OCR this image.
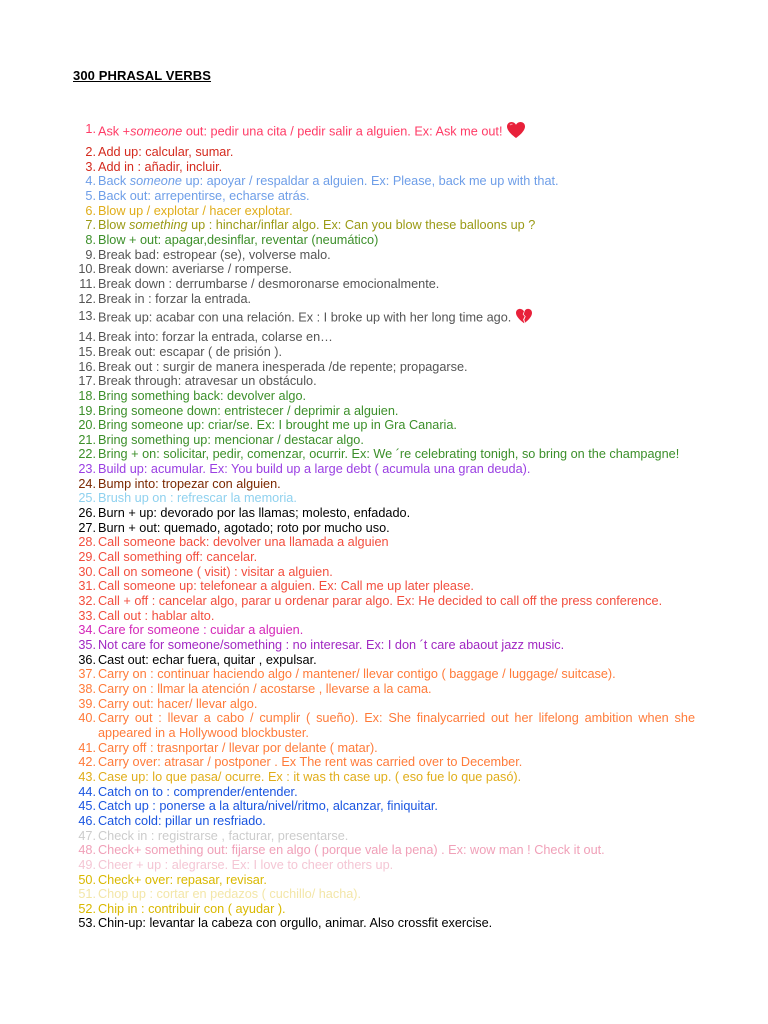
300 PHRASAL VERBS
1. Ask +someone out: pedir una cita / pedir salir a alguien. Ex: Ask me out!
2. Add up: calcular, sumar.
3. Add in : añadir, incluir.
4. Back someone up: apoyar / respaldar a alguien. Ex: Please, back me up with that.
5. Back out: arrepentirse, echarse atrás.
6. Blow up / explotar / hacer explotar.
7. Blow something up : hinchar/inflar algo. Ex: Can you blow these balloons up ?
8. Blow + out: apagar,desinflar, reventar (neumático)
9. Break bad: estropear (se), volverse malo.
10. Break down: averiarse / romperse.
11. Break down : derrumbarse / desmoronarse emocionalmente.
12. Break in : forzar la entrada.
13. Break up: acabar con una relación. Ex : I broke up with her long time ago.
14. Break into: forzar la entrada, colarse en…
15. Break out: escapar ( de prisión ).
16. Break out : surgir de manera inesperada /de repente; propagarse.
17. Break through: atravesar un obstáculo.
18. Bring something back: devolver algo.
19. Bring someone down: entristecer / deprimir a alguien.
20. Bring someone up: criar/se. Ex: I brought me up in Gra Canaria.
21. Bring something up: mencionar / destacar algo.
22. Bring + on: solicitar, pedir, comenzar, ocurrir. Ex: We ´re celebrating tonigh, so bring on the champagne!
23. Build up: acumular. Ex: You build up a large debt ( acumula una gran deuda).
24. Bump into: tropezar con alguien.
25. Brush up on : refrescar la memoria.
26. Burn + up: devorado por las llamas; molesto, enfadado.
27. Burn + out: quemado, agotado; roto por mucho uso.
28. Call someone back: devolver una llamada a alguien
29. Call something off: cancelar.
30. Call on someone ( visit) : visitar a alguien.
31. Call someone up: telefonear a alguien. Ex: Call me up later please.
32. Call + off : cancelar algo, parar u ordenar parar algo. Ex: He decided to call off the press conference.
33. Call out : hablar alto.
34. Care for someone : cuidar a alguien.
35. Not care for someone/something : no interesar. Ex: I don ´t care abaout jazz music.
36. Cast out: echar fuera, quitar , expulsar.
37. Carry on : continuar haciendo algo / mantener/ llevar contigo ( baggage / luggage/ suitcase).
38. Carry on : llmar la atención / acostarse , llevarse a la cama.
39. Carry out: hacer/ llevar algo.
40. Carry out : llevar a cabo / cumplir ( sueño). Ex: She finalycarried out her lifelong ambition when she appeared in a Hollywood blockbuster.
41. Carry off : trasnportar / llevar por delante ( matar).
42. Carry over: atrasar / postponer . Ex The rent was carried over to December.
43. Case up: lo que pasa/ ocurre. Ex : it was th case up. ( eso fue lo que pasó).
44. Catch on to : comprender/entender.
45. Catch up : ponerse a la altura/nivel/ritmo, alcanzar, finiquitar.
46. Catch cold: pillar un resfriado.
47. Check in : registrarse , facturar, presentarse.
48. Check+ something out: fijarse en algo ( porque vale la pena) . Ex: wow man ! Check it out.
49. Cheer + up : alegrarse. Ex: I love to cheer others up.
50. Check+ over: repasar, revisar.
51. Chop up : cortar en pedazos ( cuchillo/ hacha).
52. Chip in : contribuir con ( ayudar ).
53. Chin-up: levantar la cabeza con orgullo, animar. Also crossfit exercise.
